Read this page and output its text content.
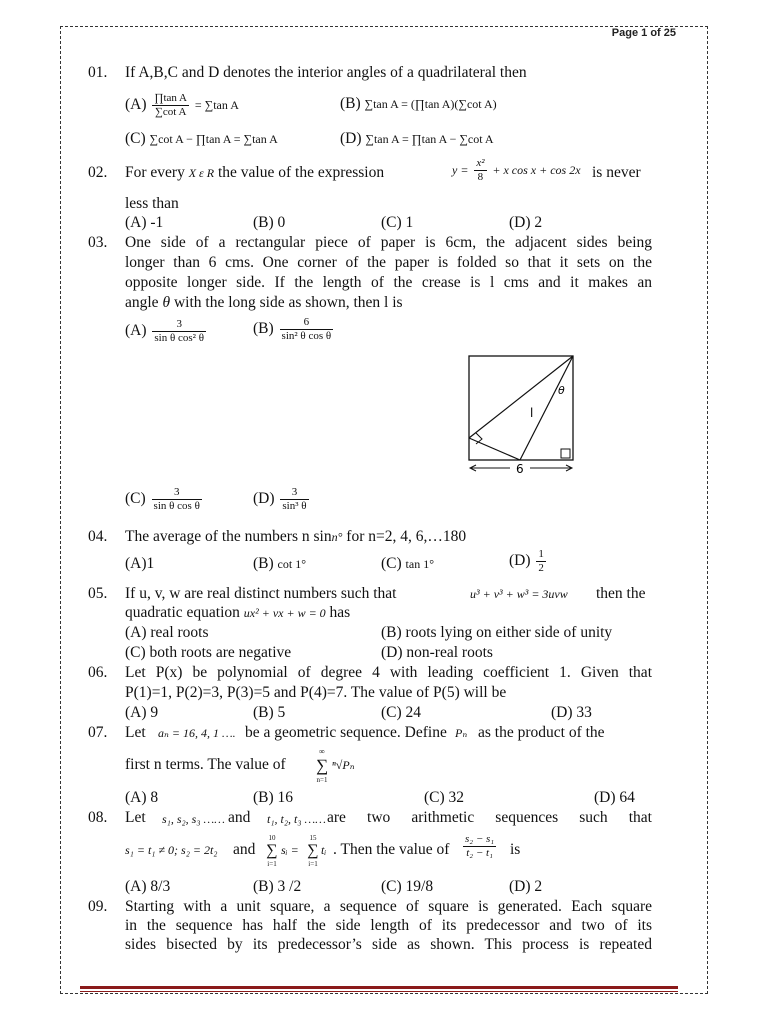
Page 1 of 25
01. If A,B,C and D denotes the interior angles of a quadrilateral then
$(A) \frac{\text{∏tan A}}{\text{∑cot A}} = \sum\tan$ A	(B) ∑tan A = (∏tan A)(∑cot A)
(C) ∑cot A − ∏tan A = ∑tan A	(D) ∑tan A = ∏tan A − ∑cot A
02. For every X ε R the value of the expression	$y = \frac{\text{x²}}{8} + x$ cos x + cos 2x is never
less than
(A) -1	(B) 0	(C) 1	(D) 2
03. One side of a rectangular piece of paper is 6cm, the adjacent sides being
longer than 6 cms. One corner of the paper is folded so that it sets on the
opposite longer side. If the length of the crease is l cms and it makes an
angle θ with the long side as shown, then l is
$(A) \frac{3}{\text{sin θ cos² θ}}$	$(B) \frac{6}{\text{sin² θ cos θ}}$
θ
l
6
$(C) \frac{3}{\text{sin θ cos θ}}$	$(D) \frac{3}{\text{sin³ θ}}$
04. The average of the numbers n sinn° for n=2, 4, 6,…180
(A)1	(B) cot 1°	(C) tan 1°	$(D) \frac{1}{2}$
05. If u, v, w are real distinct numbers such that	u³ + v³ + w³ = 3uvw then the
quadratic equation ux² + vx + w = 0 has
(A) real roots	(B) roots lying on either side of unity
(C) both roots are negative	(D) non-real roots
06. Let P(x) be polynomial of degree 4 with leading coefficient 1. Given that
P(1)=1, P(2)=3, P(3)=5 and P(4)=7. The value of P(5) will be
(A) 9	(B) 5	(C) 24	(D) 33
07. Let aₙ = 16, 4, 1 …. be a geometric sequence. Define Pₙ as the product of the
first n terms. The value of
∞
∑
n=1
ⁿ√Pₙ
(A) 8	(B) 16	(C) 32	(D) 64
08. Let s₁, s₂, s₃ …… and t₁, t₂, t₃ …… are two arithmetic sequences such that
s₁ = t₁ ≠ 0; s₂ = 2t₂ and
10
∑
i=1
sᵢ =
15
∑
i=1
tᵢ . Then the value of $\frac{\text{s₂ − s₁}}{\text{t₂ − t₁}}$ is
(A) 8/3	(B) 3 /2	(C) 19/8	(D) 2
09. Starting with a unit square, a sequence of square is generated. Each square
in the sequence has half the side length of its predecessor and two of its
sides bisected by its predecessor’s side as shown. This process is repeated
